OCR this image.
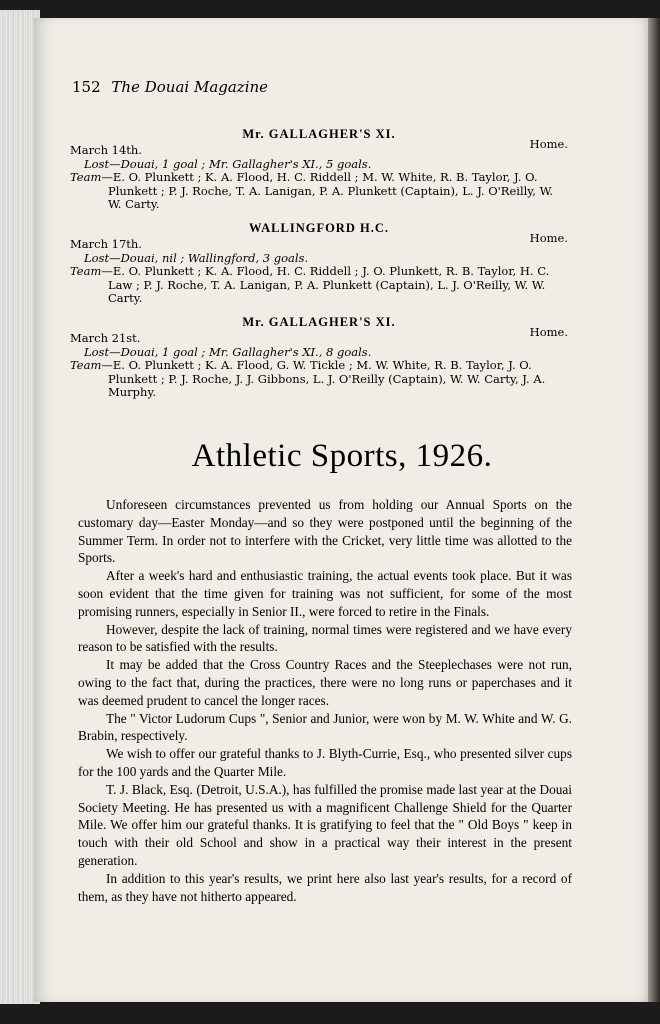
152 The Douai Magazine
Mr. GALLAGHER'S XI.
March 14th.	Home.
Lost—Douai, 1 goal ; Mr. Gallagher's XI., 5 goals.
Team—E. O. Plunkett ; K. A. Flood, H. C. Riddell ; M. W. White, R. B. Taylor, J. O. Plunkett ; P. J. Roche, T. A. Lanigan, P. A. Plunkett (Captain), L. J. O'Reilly, W. W. Carty.
WALLINGFORD H.C.
March 17th.	Home.
Lost—Douai, nil ; Wallingford, 3 goals.
Team—E. O. Plunkett ; K. A. Flood, H. C. Riddell ; J. O. Plunkett, R. B. Taylor, H. C. Law ; P. J. Roche, T. A. Lanigan, P. A. Plunkett (Captain), L. J. O'Reilly, W. W. Carty.
Mr. GALLAGHER'S XI.
March 21st.	Home.
Lost—Douai, 1 goal ; Mr. Gallagher's XI., 8 goals.
Team—E. O. Plunkett ; K. A. Flood, G. W. Tickle ; M. W. White, R. B. Taylor, J. O. Plunkett ; P. J. Roche, J. J. Gibbons, L. J. O'Reilly (Captain), W. W. Carty, J. A. Murphy.
Athletic Sports, 1926.

Unforeseen circumstances prevented us from holding our Annual Sports on the customary day—Easter Monday—and so they were postponed until the beginning of the Summer Term. In order not to interfere with the Cricket, very little time was allotted to the Sports.

After a week's hard and enthusiastic training, the actual events took place. But it was soon evident that the time given for training was not sufficient, for some of the most promising runners, especially in Senior II., were forced to retire in the Finals.

However, despite the lack of training, normal times were registered and we have every reason to be satisfied with the results.

It may be added that the Cross Country Races and the Steeplechases were not run, owing to the fact that, during the practices, there were no long runs or paperchases and it was deemed prudent to cancel the longer races.

The " Victor Ludorum Cups ", Senior and Junior, were won by M. W. White and W. G. Brabin, respectively.

We wish to offer our grateful thanks to J. Blyth-Currie, Esq., who presented silver cups for the 100 yards and the Quarter Mile.

T. J. Black, Esq. (Detroit, U.S.A.), has fulfilled the promise made last year at the Douai Society Meeting. He has presented us with a magnificent Challenge Shield for the Quarter Mile. We offer him our grateful thanks. It is gratifying to feel that the " Old Boys " keep in touch with their old School and show in a practical way their interest in the present generation.

In addition to this year's results, we print here also last year's results, for a record of them, as they have not hitherto appeared.
